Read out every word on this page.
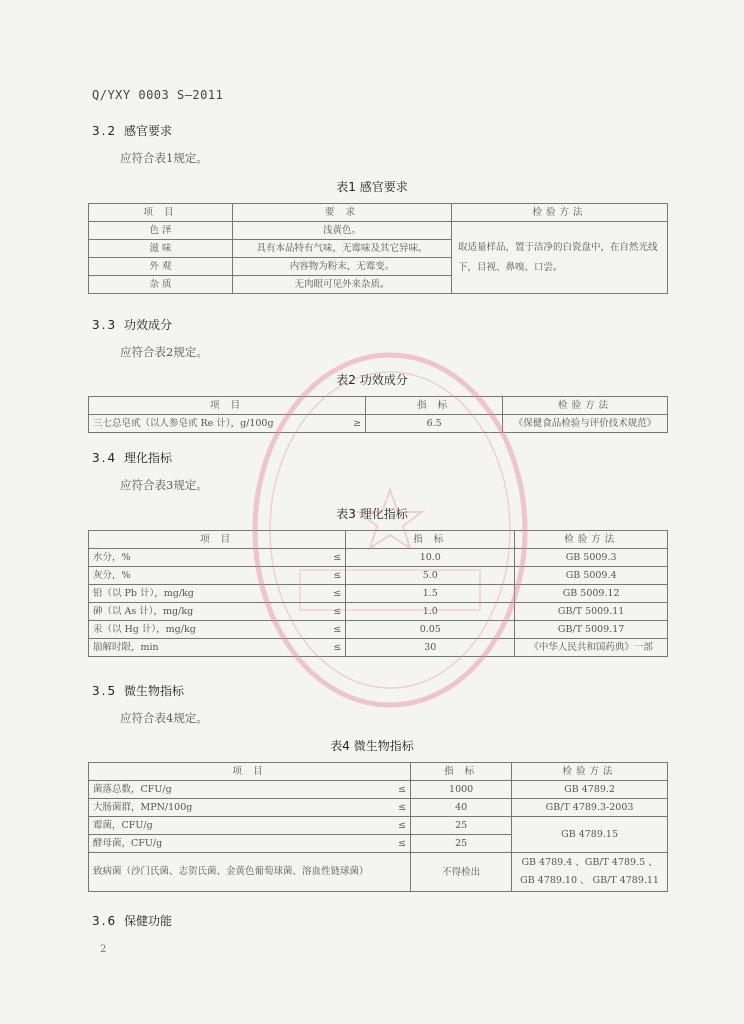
Q/YXY 0003 S—2011
3.2 感官要求
应符合表1规定。
表1 感官要求
项 目	要 求	检验方法
色 泽	浅黄色。	取适量样品，置于洁净的白瓷盘中，在自然光线下，目视、鼻嗅、口尝。
滋 味	具有本品特有气味，无霉味及其它异味。	
外 观	内容物为粉末，无霉变。	
杂 质	无肉眼可见外来杂质。	
3.3 功效成分
应符合表2规定。
表2 功效成分
项 目		指 标	检验方法
三七总皂甙（以人参皂甙 Re 计），g/100g	≥	6.5	《保健食品检验与评价技术规范》
3.4 理化指标
应符合表3规定。
表3 理化指标
项 目		指 标	检验方法
水分，%	≤	10.0	GB 5009.3
灰分，%	≤	5.0	GB 5009.4
铅（以 Pb 计），mg/kg	≤	1.5	GB 5009.12
砷（以 As 计），mg/kg	≤	1.0	GB/T 5009.11
汞（以 Hg 计），mg/kg	≤	0.05	GB/T 5009.17
崩解时限，min	≤	30	《中华人民共和国药典》一部
3.5 微生物指标
应符合表4规定。
表4 微生物指标
项 目		指 标	检验方法
菌落总数，CFU/g	≤	1000	GB 4789.2
大肠菌群，MPN/100g	≤	40	GB/T 4789.3-2003
霉菌，CFU/g	≤	25	GB 4789.15
酵母菌，CFU/g	≤	25	
致病菌（沙门氏菌、志贺氏菌、金黄色葡萄球菌、溶血性链球菌）		不得检出	GB 4789.4 、GB/T 4789.5 、
GB 4789.10 、 GB/T 4789.11
3.6 保健功能
2
